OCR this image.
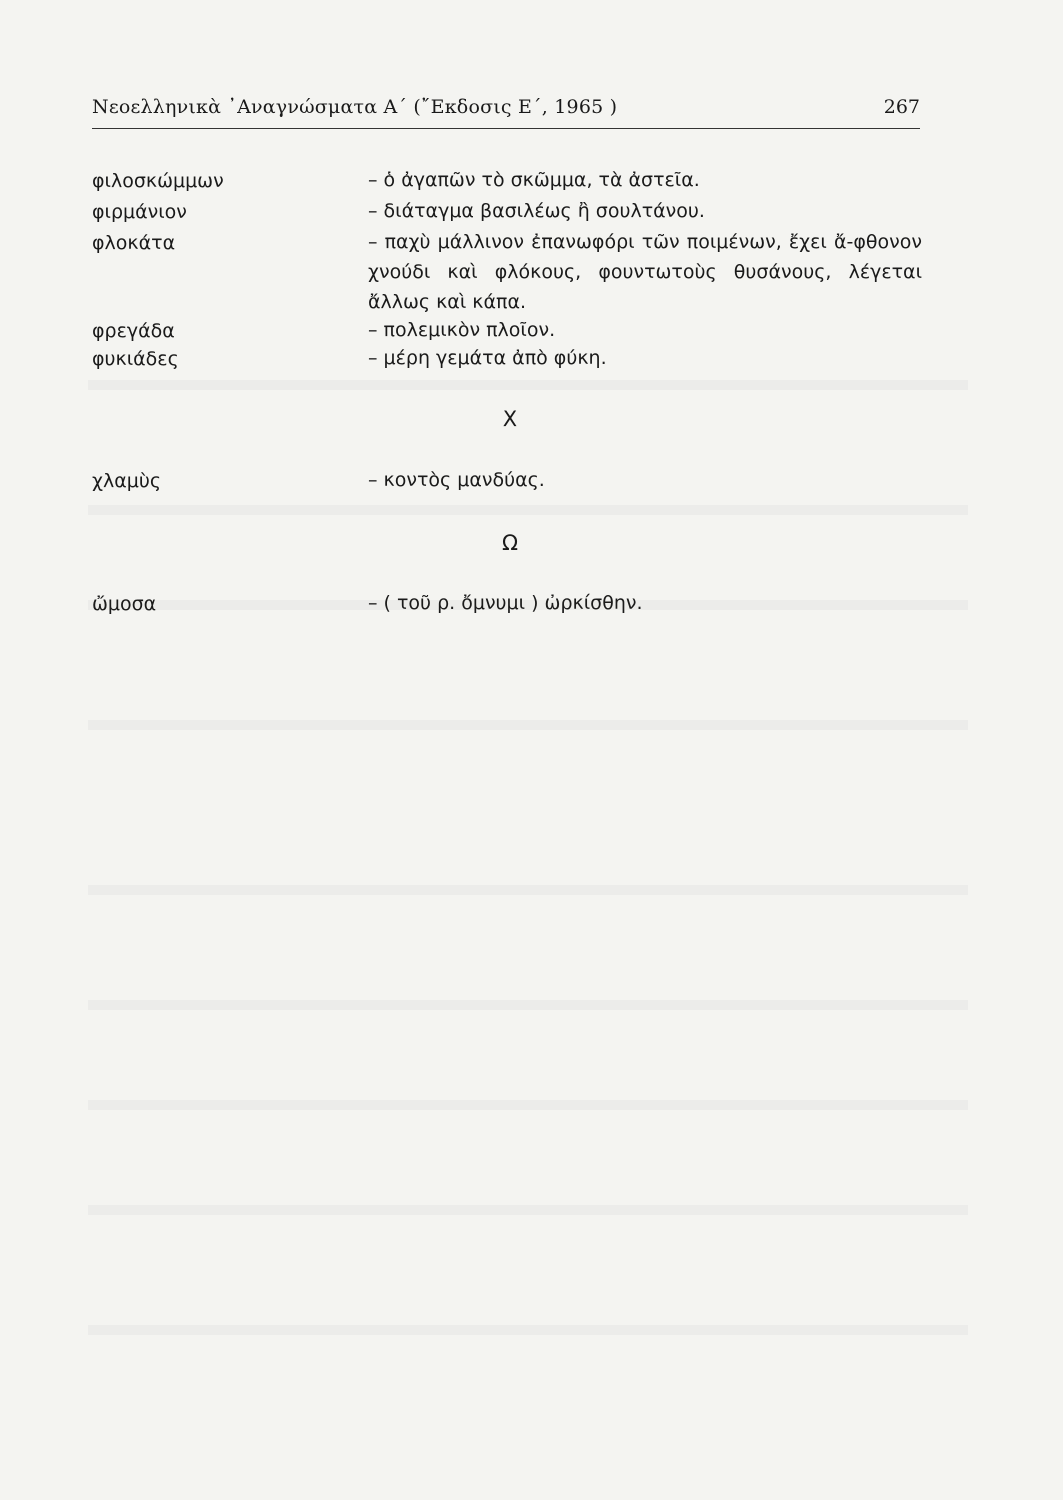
Νεοελληνικὰ ᾿Αναγνώσματα Α΄ (῎Εκδοσις Ε΄, 1965 )	267
φιλοσκώμμων	– ὁ ἀγαπῶν τὸ σκῶμμα, τὰ ἀστεῖα.
φιρμάνιον	– διάταγμα βασιλέως ἢ σουλτάνου.
φλοκάτα	– παχὺ μάλλινον ἐπανωφόρι τῶν ποιμένων, ἔχει ἄ-φθονον χνούδι καὶ φλόκους, φουντωτοὺς θυσάνους, λέγεται ἄλλως καὶ κάπα.
φρεγάδα	– πολεμικὸν πλοῖον.
φυκιάδες	– μέρη γεμάτα ἀπὸ φύκη.
Χ
χλαμὺς	– κοντὸς μανδύας.
Ω
ὤμοσα	– ( τοῦ ρ. ὄμνυμι ) ὠρκίσθην.
